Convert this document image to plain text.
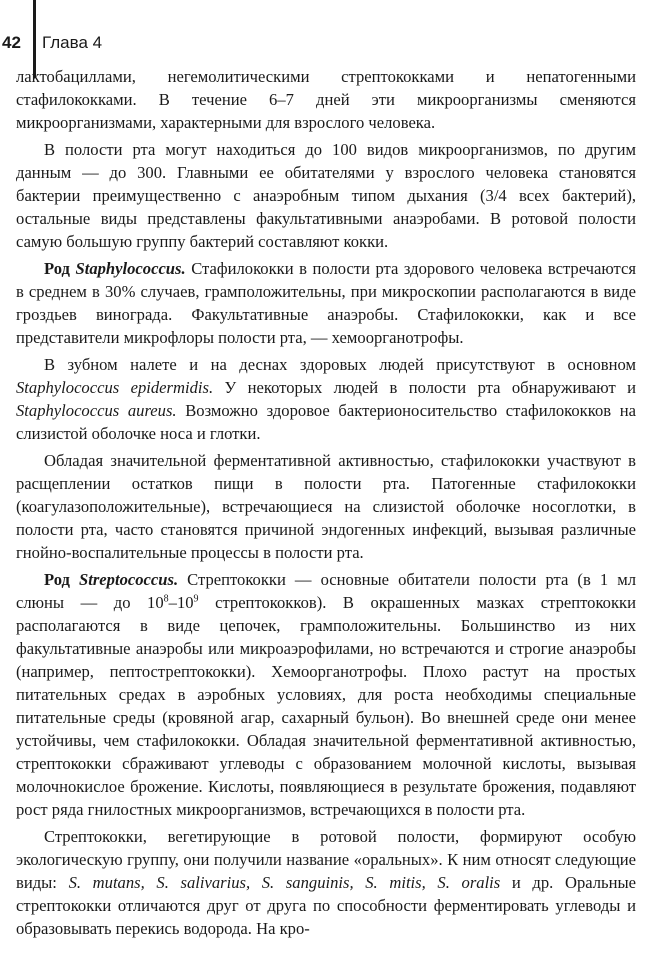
42 Глава 4

лактобациллами, негемолитическими стрептококками и непатогенными стафилококками. В течение 6–7 дней эти микроорганизмы сменяются микроорганизмами, характерными для взрослого человека.

В полости рта могут находиться до 100 видов микроорганизмов, по другим данным — до 300. Главными ее обитателями у взрослого человека становятся бактерии преимущественно с анаэробным типом дыхания (3/4 всех бактерий), остальные виды представлены факультативными анаэробами. В ротовой полости самую большую группу бактерий составляют кокки.

Род Staphylococcus. Стафилококки в полости рта здорового человека встречаются в среднем в 30% случаев, грамположительны, при микроскопии располагаются в виде гроздьев винограда. Факультативные анаэробы. Стафилококки, как и все представители микрофлоры полости рта, — хемоорганотрофы.

В зубном налете и на деснах здоровых людей присутствуют в основном Staphylococcus epidermidis. У некоторых людей в полости рта обнаруживают и Staphylococcus aureus. Возможно здоровое бактерионосительство стафилококков на слизистой оболочке носа и глотки.

Обладая значительной ферментативной активностью, стафилококки участвуют в расщеплении остатков пищи в полости рта. Патогенные стафилококки (коагулазоположительные), встречающиеся на слизистой оболочке носоглотки, в полости рта, часто становятся причиной эндогенных инфекций, вызывая различные гнойно-воспалительные процессы в полости рта.

Род Streptococcus. Стрептококки — основные обитатели полости рта (в 1 мл слюны — до $10^8-10^9$ стрептококков). В окрашенных мазках стрептококки располагаются в виде цепочек, грамположительны. Большинство из них факультативные анаэробы или микроаэрофилами, но встречаются и строгие анаэробы (например, пептострептококки). Хемоорганотрофы. Плохо растут на простых питательных средах в аэробных условиях, для роста необходимы специальные питательные среды (кровяной агар, сахарный бульон). Во внешней среде они менее устойчивы, чем стафилококки. Обладая значительной ферментативной активностью, стрептококки сбраживают углеводы с образованием молочной кислоты, вызывая молочнокислое брожение. Кислоты, появляющиеся в результате брожения, подавляют рост ряда гнилостных микроорганизмов, встречающихся в полости рта.

Стрептококки, вегетирующие в ротовой полости, формируют особую экологическую группу, они получили название «оральных». К ним относят следующие виды: S. mutans, S. salivarius, S. sanguinis, S. mitis, S. oralis и др. Оральные стрептококки отличаются друг от друга по способности ферментировать углеводы и образовывать перекись водорода. На кро-
